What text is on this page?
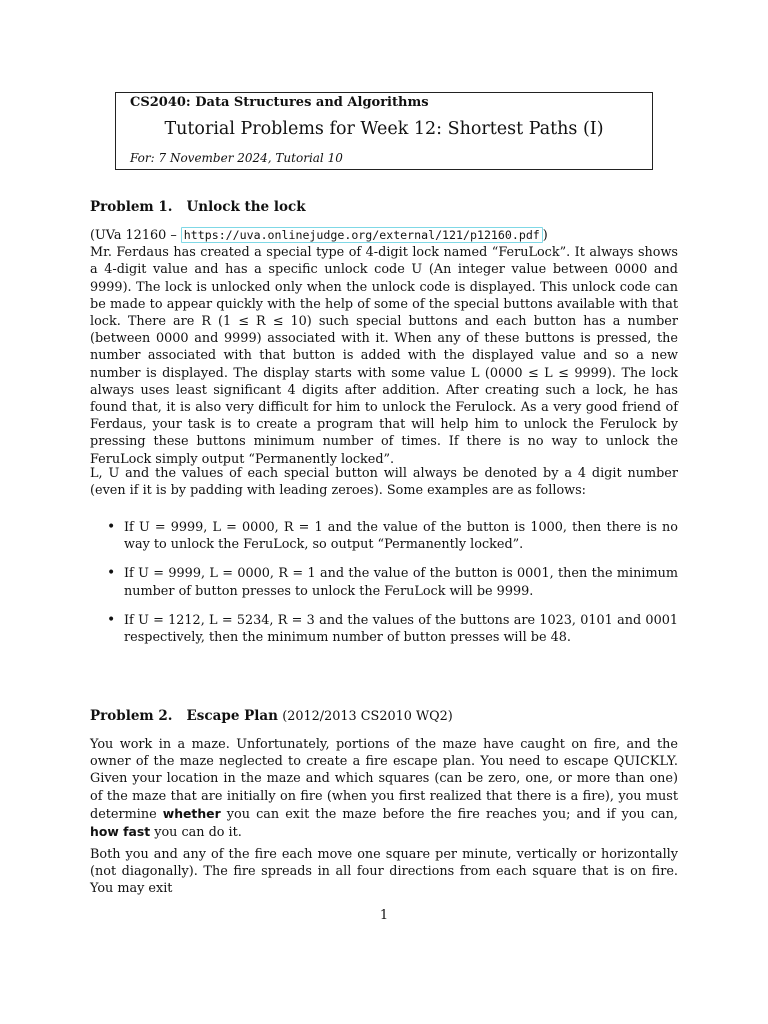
CS2040: Data Structures and Algorithms
Tutorial Problems for Week 12: Shortest Paths (I)
For: 7 November 2024, Tutorial 10
Problem 1. Unlock the lock

(UVa 12160 – https://uva.onlinejudge.org/external/121/p12160.pdf )
Mr. Ferdaus has created a special type of 4-digit lock named “FeruLock”. It always shows a 4-digit value and has a specific unlock code U (An integer value between 0000 and 9999). The lock is unlocked only when the unlock code is displayed. This unlock code can be made to appear quickly with the help of some of the special buttons available with that lock. There are R (1 ≤ R ≤ 10) such special buttons and each button has a number (between 0000 and 9999) associated with it. When any of these buttons is pressed, the number associated with that button is added with the displayed value and so a new number is displayed. The display starts with some value L (0000 ≤ L ≤ 9999). The lock always uses least significant 4 digits after addition. After creating such a lock, he has found that, it is also very difficult for him to unlock the Ferulock. As a very good friend of Ferdaus, your task is to create a program that will help him to unlock the Ferulock by pressing these buttons minimum number of times. If there is no way to unlock the FeruLock simply output “Permanently locked”.

L, U and the values of each special button will always be denoted by a 4 digit number (even if it is by padding with leading zeroes). Some examples are as follows:

• If U = 9999, L = 0000, R = 1 and the value of the button is 1000, then there is no way to unlock the FeruLock, so output “Permanently locked”.
• If U = 9999, L = 0000, R = 1 and the value of the button is 0001, then the minimum number of button presses to unlock the FeruLock will be 9999.
• If U = 1212, L = 5234, R = 3 and the values of the buttons are 1023, 0101 and 0001 respectively, then the minimum number of button presses will be 48.
Problem 2. Escape Plan (2012/2013 CS2010 WQ2)

You work in a maze. Unfortunately, portions of the maze have caught on fire, and the owner of the maze neglected to create a fire escape plan. You need to escape QUICKLY. Given your location in the maze and which squares (can be zero, one, or more than one) of the maze that are initially on fire (when you first realized that there is a fire), you must determine whether you can exit the maze before the fire reaches you; and if you can, how fast you can do it.

Both you and any of the fire each move one square per minute, vertically or horizontally (not diagonally). The fire spreads in all four directions from each square that is on fire. You may exit

1
